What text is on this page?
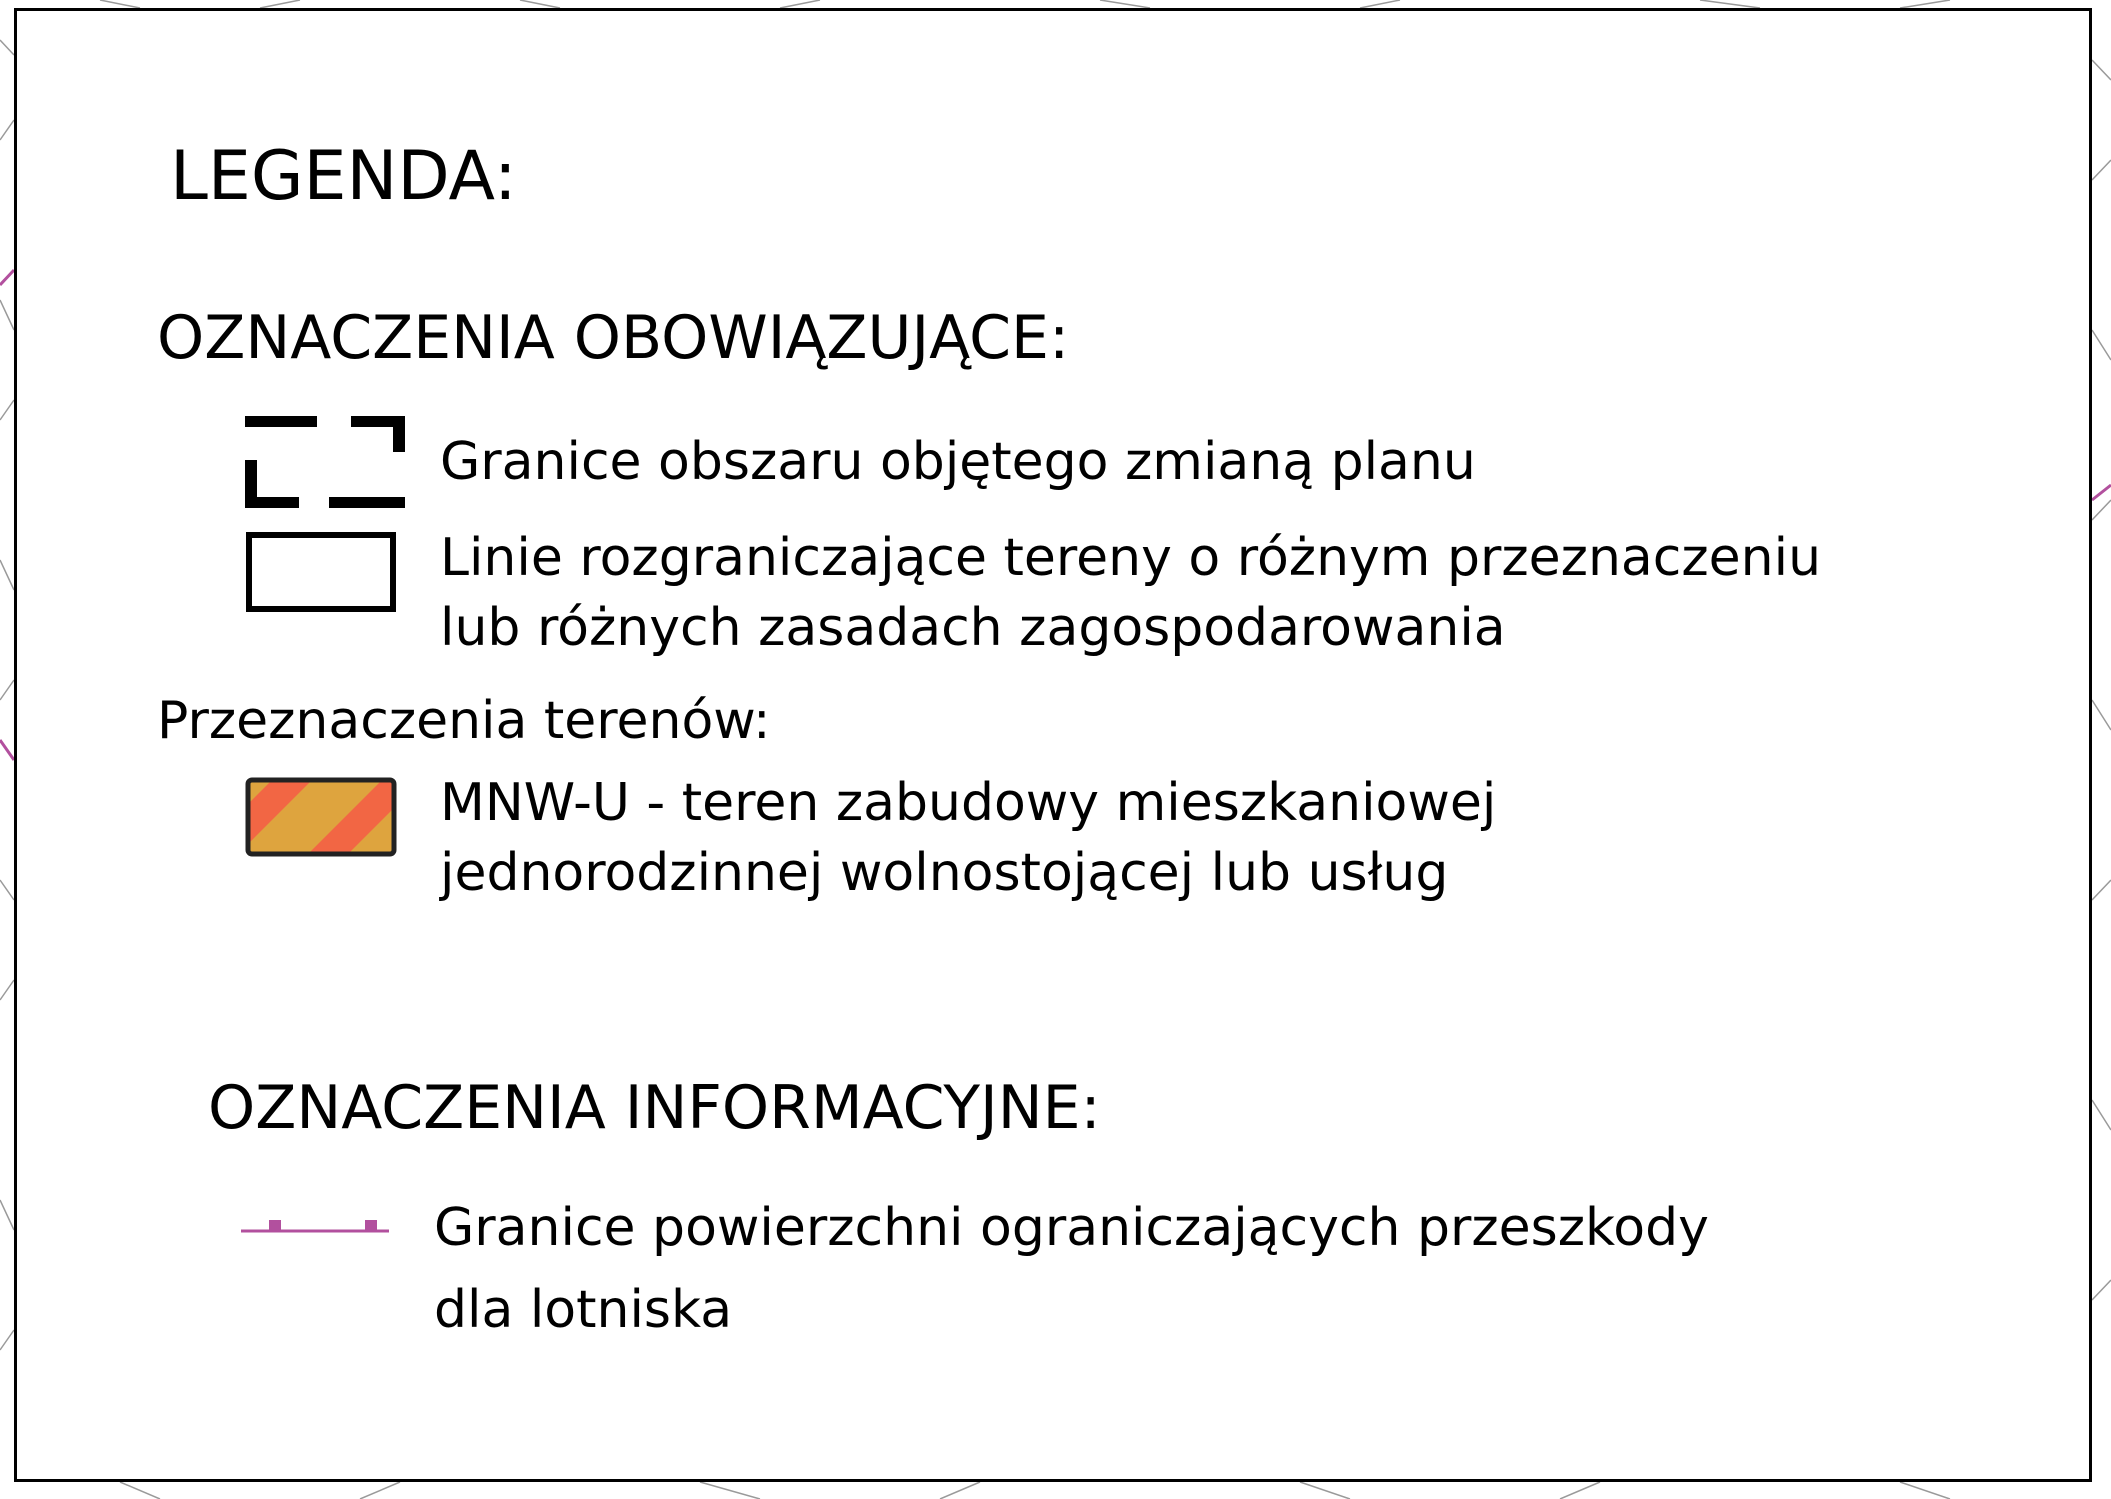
LEGENDA:
OZNACZENIA OBOWIĄZUJĄCE:
Granice obszaru objętego zmianą planu
Linie rozgraniczające tereny o różnym przeznaczeniu
lub różnych zasadach zagospodarowania
Przeznaczenia terenów:
MNW-U - teren zabudowy mieszkaniowej
jednorodzinnej wolnostojącej lub usług
OZNACZENIA INFORMACYJNE:
Granice powierzchni ograniczających przeszkody
dla lotniska
